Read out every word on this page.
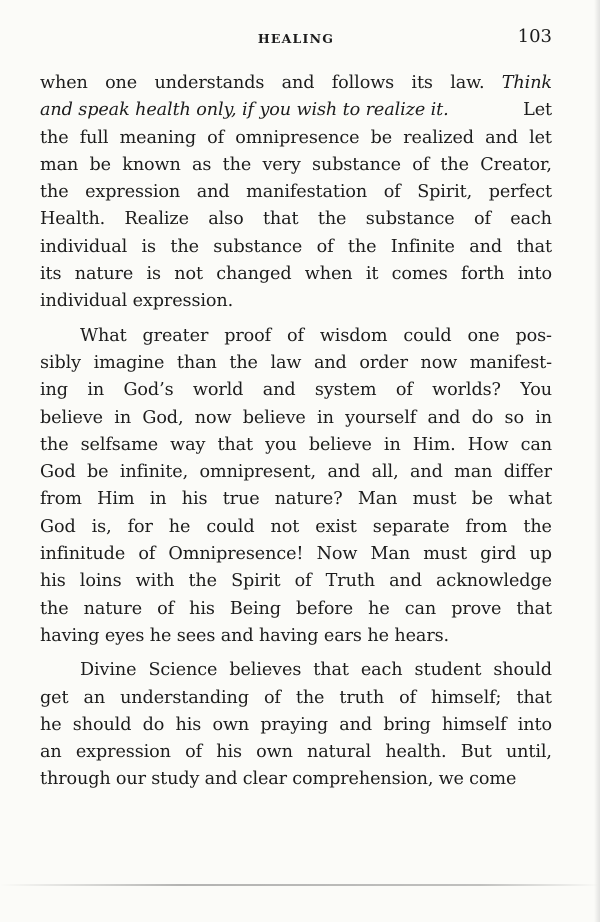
HEALING	103
when one understands and follows its law. Think
and speak health only, if you wish to realize it.	Let
the full meaning of omnipresence be realized and let
man be known as the very substance of the Creator,
the expression and manifestation of Spirit, perfect
Health. Realize also that the substance of each
individual is the substance of the Infinite and that
its nature is not changed when it comes forth into
individual expression.
What greater proof of wisdom could one pos-
sibly imagine than the law and order now manifest-
ing in God’s world and system of worlds? You
believe in God, now believe in yourself and do so in
the selfsame way that you believe in Him. How can
God be infinite, omnipresent, and all, and man differ
from Him in his true nature? Man must be what
God is, for he could not exist separate from the
infinitude of Omnipresence! Now Man must gird up
his loins with the Spirit of Truth and acknowledge
the nature of his Being before he can prove that
having eyes he sees and having ears he hears.
Divine Science believes that each student should
get an understanding of the truth of himself; that
he should do his own praying and bring himself into
an expression of his own natural health. But until,
through our study and clear comprehension, we come
